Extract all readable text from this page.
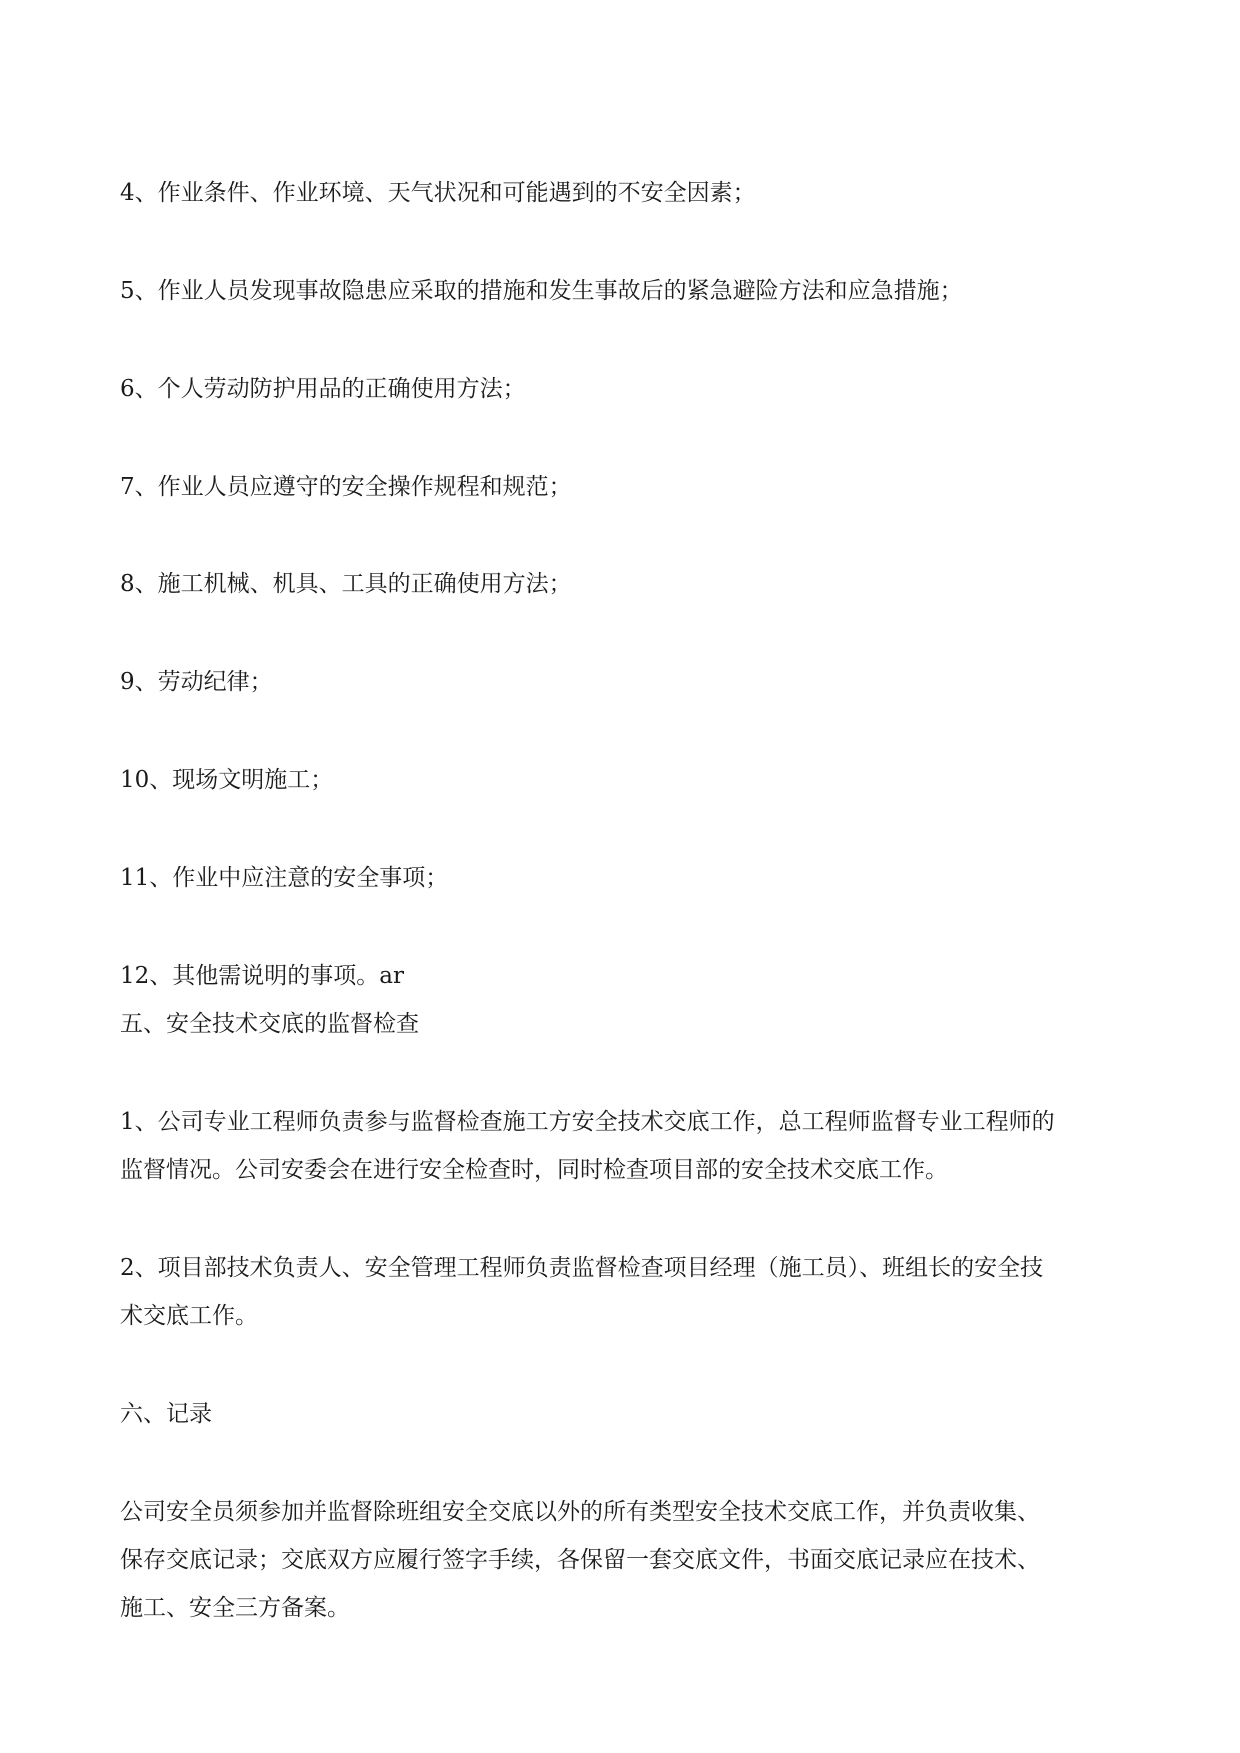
4、作业条件、作业环境、天气状况和可能遇到的不安全因素；
5、作业人员发现事故隐患应采取的措施和发生事故后的紧急避险方法和应急措施；
6、个人劳动防护用品的正确使用方法；
7、作业人员应遵守的安全操作规程和规范；
8、施工机械、机具、工具的正确使用方法；
9、劳动纪律；
10、现场文明施工；
11、作业中应注意的安全事项；
12、其他需说明的事项。ar
五、安全技术交底的监督检查
1、公司专业工程师负责参与监督检查施工方安全技术交底工作，总工程师监督专业工程师的
监督情况。公司安委会在进行安全检查时，同时检查项目部的安全技术交底工作。
2、项目部技术负责人、安全管理工程师负责监督检查项目经理（施工员）、班组长的安全技
术交底工作。
六、记录
公司安全员须参加并监督除班组安全交底以外的所有类型安全技术交底工作，并负责收集、
保存交底记录；交底双方应履行签字手续，各保留一套交底文件，书面交底记录应在技术、
施工、安全三方备案。
